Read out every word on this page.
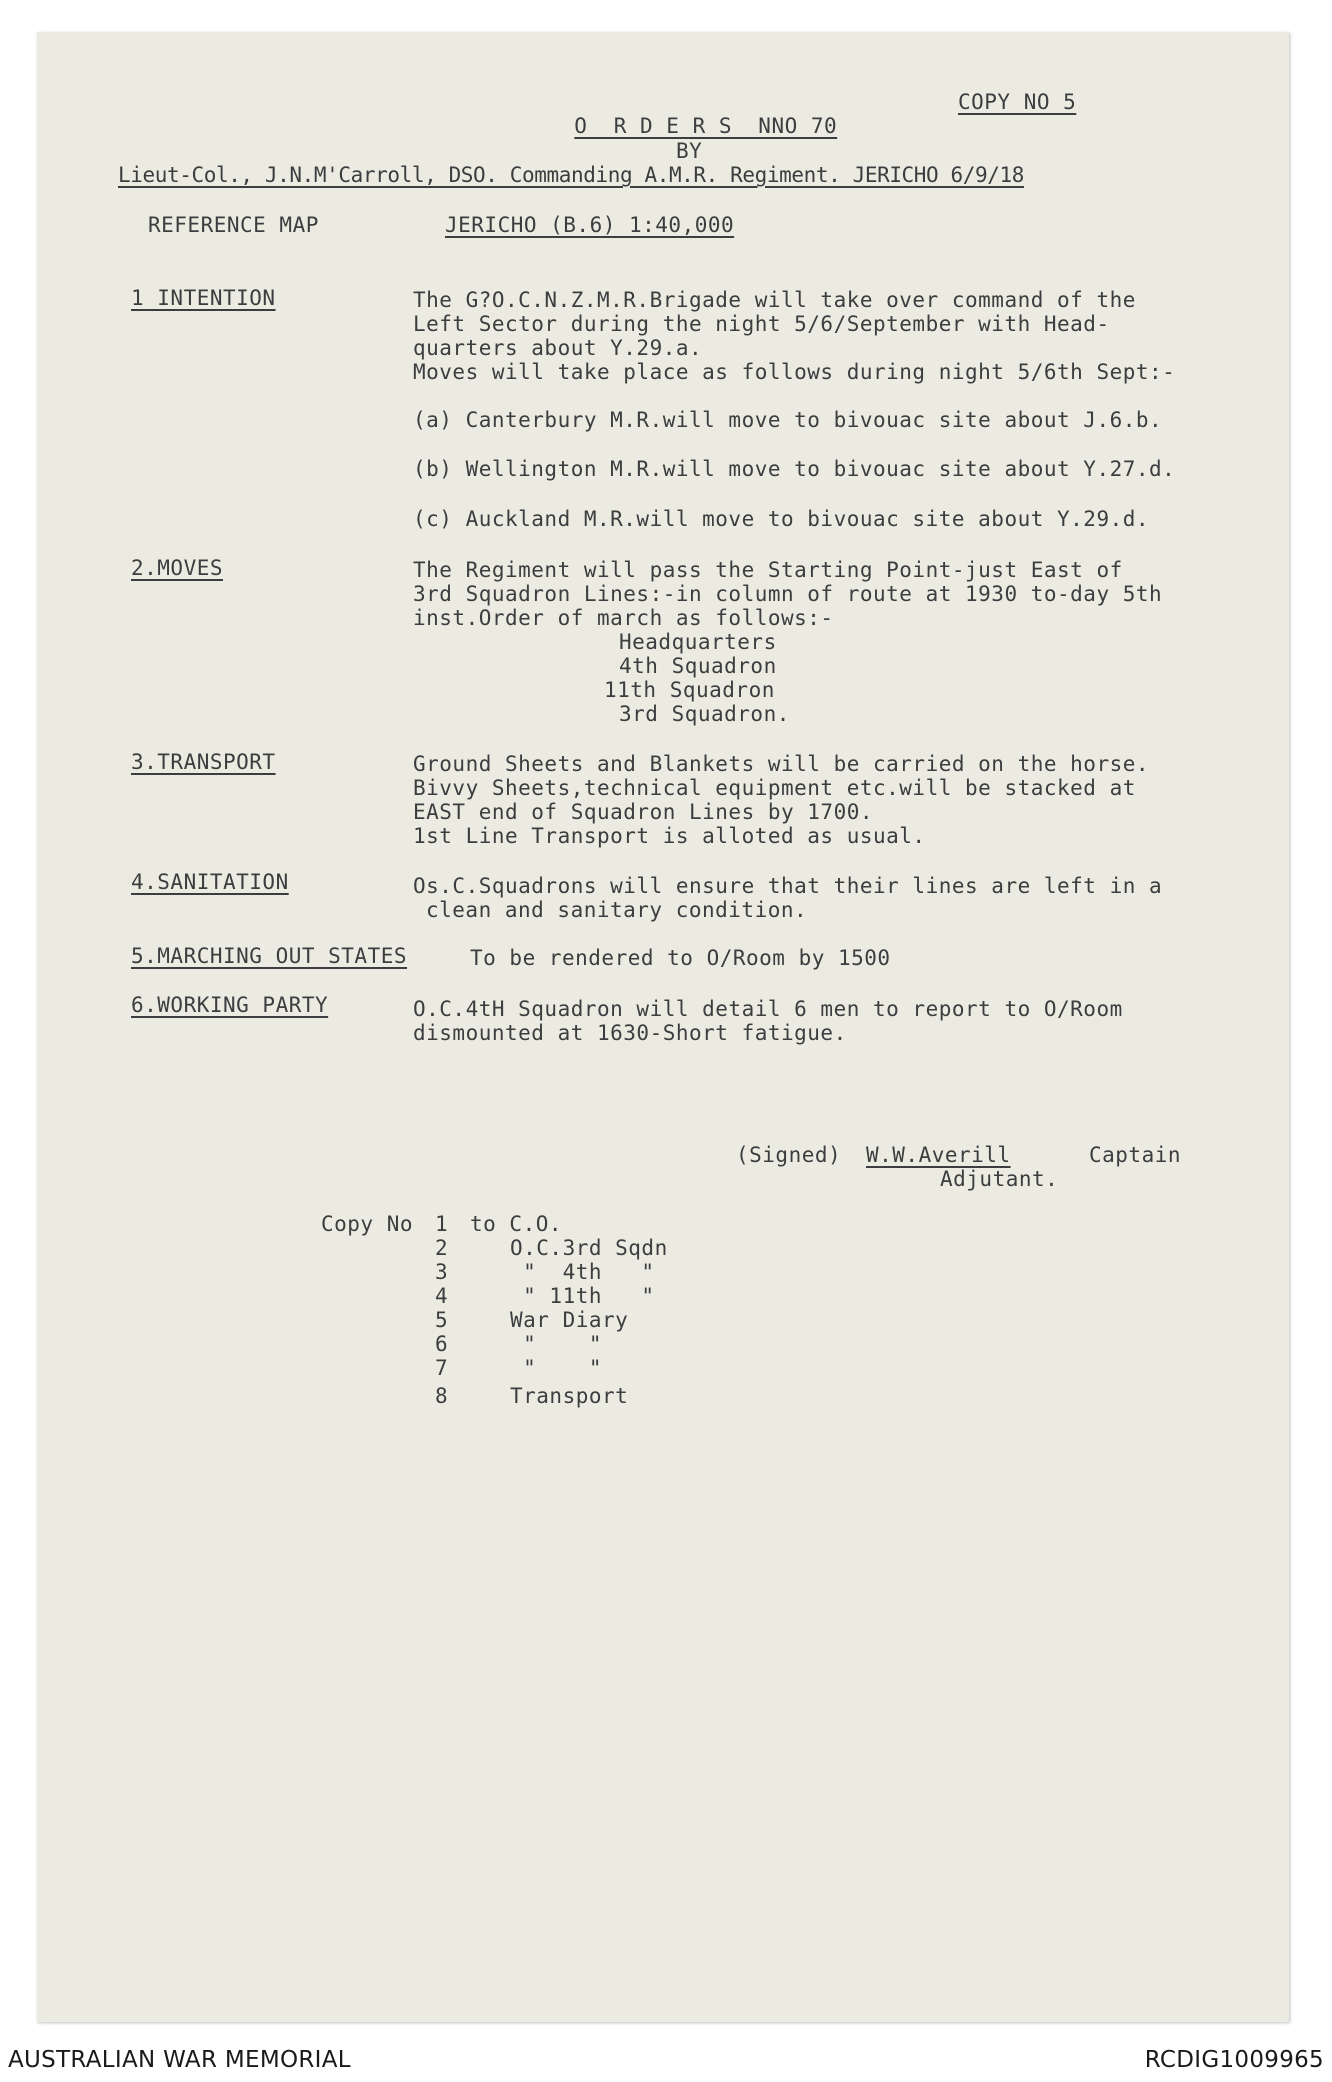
O  R D E R S  NNO 70

COPY NO 5
BY
Lieut-Col., J.N.M'Carroll, DSO. Commanding A.M.R. Regiment. JERICHO 6/9/18
REFERENCE MAP	JERICHO (B.6) 1:40,000
1 INTENTION	The G?O.C.N.Z.M.R.Brigade will take over command of the
Left Sector during the night 5/6/September with Head-
quarters about Y.29.a.
Moves will take place as follows during night 5/6th Sept:-
(a) Canterbury M.R.will move to bivouac site about J.6.b.
(b) Wellington M.R.will move to bivouac site about Y.27.d.
(c) Auckland M.R.will move to bivouac site about Y.29.d.
2.MOVES	The Regiment will pass the Starting Point-just East of
3rd Squadron Lines:-in column of route at 1930 to-day 5th
inst.Order of march as follows:-
Headquarters
4th Squadron
11th Squadron
3rd Squadron.
3.TRANSPORT	Ground Sheets and Blankets will be carried on the horse.
Bivvy Sheets,technical equipment etc.will be stacked at
EAST end of Squadron Lines by 1700.
1st Line Transport is alloted as usual.
4.SANITATION	Os.C.Squadrons will ensure that their lines are left in a
clean and sanitary condition.
5.MARCHING OUT STATES	To be rendered to O/Room by 1500
6.WORKING PARTY	O.C.4tH Squadron will detail 6 men to report to O/Room
dismounted at 1630-Short fatigue.
(Signed) W.W.Averill	Captain
Adjutant.
Copy No 1 to C.O.
2	O.C.3rd Sqdn
3	"  4th   "
4	" 11th   "
5	War Diary
6	"    "
7	"    "
8	Transport
AUSTRALIAN WAR MEMORIAL	RCDIG1009965
